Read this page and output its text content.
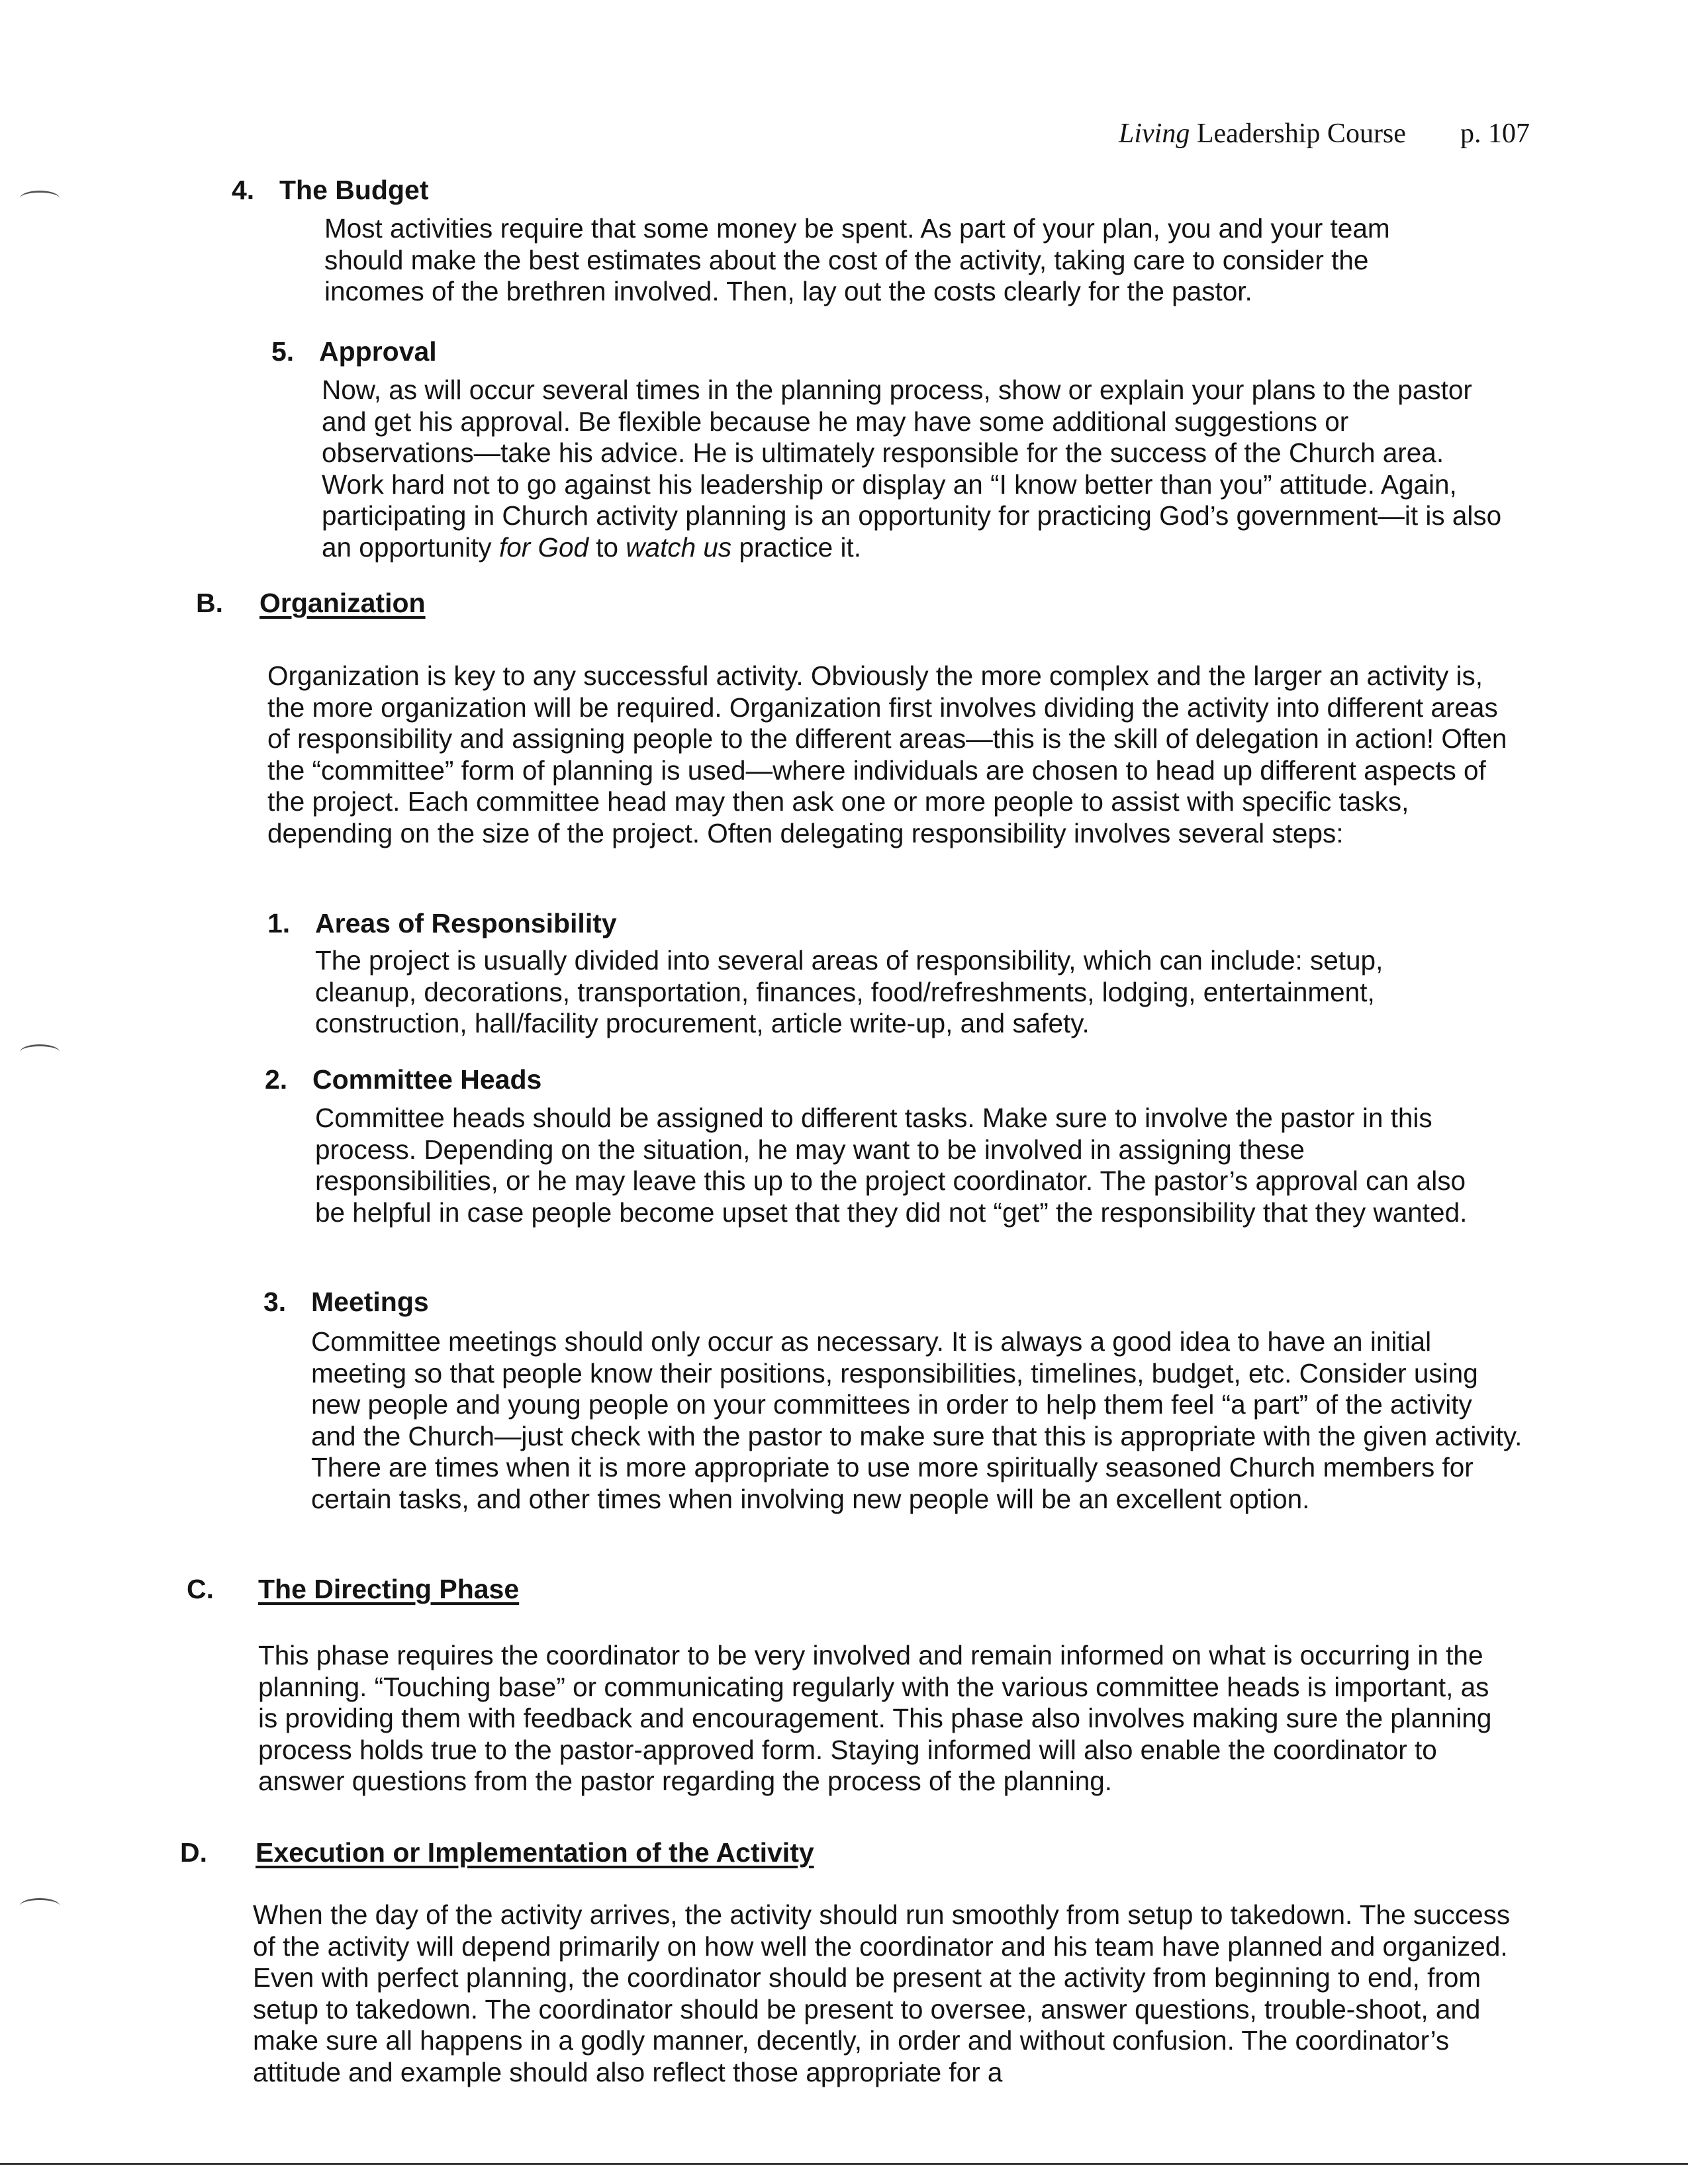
Living Leadership Course p. 107
4. The Budget

Most activities require that some money be spent. As part of your plan, you and your team should make the best estimates about the cost of the activity, taking care to consider the incomes of the brethren involved. Then, lay out the costs clearly for the pastor.

5. Approval

Now, as will occur several times in the planning process, show or explain your plans to the pastor and get his approval. Be flexible because he may have some additional suggestions or observations—take his advice. He is ultimately responsible for the success of the Church area. Work hard not to go against his leadership or display an “I know better than you” attitude. Again, participating in Church activity planning is an opportunity for practicing God’s government—it is also an opportunity for God to watch us practice it.

B. Organization

Organization is key to any successful activity. Obviously the more complex and the larger an activity is, the more organization will be required. Organization first involves dividing the activity into different areas of responsibility and assigning people to the different areas—this is the skill of delegation in action! Often the “committee” form of planning is used—where individuals are chosen to head up different aspects of the project. Each committee head may then ask one or more people to assist with specific tasks, depending on the size of the project. Often delegating responsibility involves several steps:

1. Areas of Responsibility

The project is usually divided into several areas of responsibility, which can include: setup, cleanup, decorations, transportation, finances, food/refreshments, lodging, entertainment, construction, hall/facility procurement, article write-up, and safety.

2. Committee Heads

Committee heads should be assigned to different tasks. Make sure to involve the pastor in this process. Depending on the situation, he may want to be involved in assigning these responsibilities, or he may leave this up to the project coordinator. The pastor’s approval can also be helpful in case people become upset that they did not “get” the responsibility that they wanted.

3. Meetings

Committee meetings should only occur as necessary. It is always a good idea to have an initial meeting so that people know their positions, responsibilities, timelines, budget, etc. Consider using new people and young people on your committees in order to help them feel “a part” of the activity and the Church—just check with the pastor to make sure that this is appropriate with the given activity. There are times when it is more appropriate to use more spiritually seasoned Church members for certain tasks, and other times when involving new people will be an excellent option.

C. The Directing Phase

This phase requires the coordinator to be very involved and remain informed on what is occurring in the planning. “Touching base” or communicating regularly with the various committee heads is important, as is providing them with feedback and encouragement. This phase also involves making sure the planning process holds true to the pastor-approved form. Staying informed will also enable the coordinator to answer questions from the pastor regarding the process of the planning.

D. Execution or Implementation of the Activity

When the day of the activity arrives, the activity should run smoothly from setup to takedown. The success of the activity will depend primarily on how well the coordinator and his team have planned and organized. Even with perfect planning, the coordinator should be present at the activity from beginning to end, from setup to takedown. The coordinator should be present to oversee, answer questions, trouble-shoot, and make sure all happens in a godly manner, decently, in order and without confusion. The coordinator’s attitude and example should also reflect those appropriate for a
